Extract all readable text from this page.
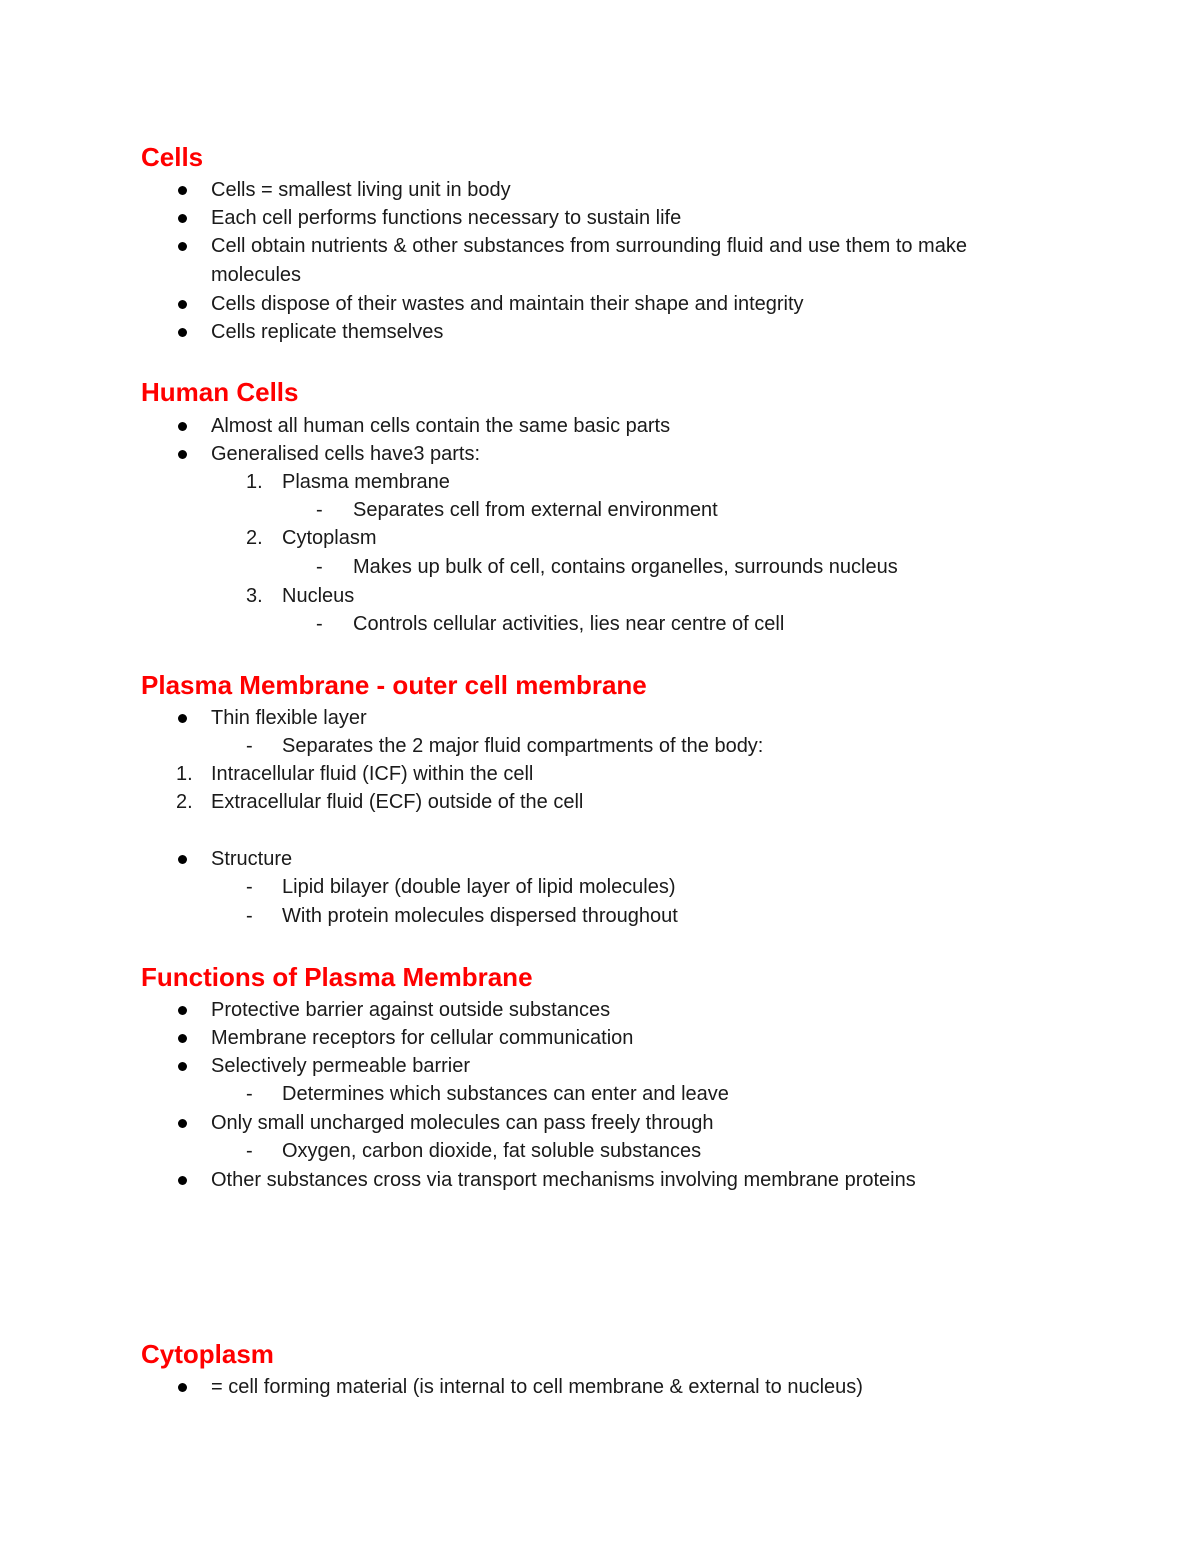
Cells
Cells = smallest living unit in body
Each cell performs functions necessary to sustain life
Cell obtain nutrients & other substances from surrounding fluid and use them to make
molecules
Cells dispose of their wastes and maintain their shape and integrity
Cells replicate themselves
Human Cells
Almost all human cells contain the same basic parts
Generalised cells have3 parts:
1. Plasma membrane
- Separates cell from external environment
2. Cytoplasm
- Makes up bulk of cell, contains organelles, surrounds nucleus
3. Nucleus
- Controls cellular activities, lies near centre of cell
Plasma Membrane - outer cell membrane
Thin flexible layer
- Separates the 2 major fluid compartments of the body:
1. Intracellular fluid (ICF) within the cell
2. Extracellular fluid (ECF) outside of the cell
Structure
- Lipid bilayer (double layer of lipid molecules)
- With protein molecules dispersed throughout
Functions of Plasma Membrane
Protective barrier against outside substances
Membrane receptors for cellular communication
Selectively permeable barrier
- Determines which substances can enter and leave
Only small uncharged molecules can pass freely through
- Oxygen, carbon dioxide, fat soluble substances
Other substances cross via transport mechanisms involving membrane proteins
Cytoplasm
= cell forming material (is internal to cell membrane & external to nucleus)
